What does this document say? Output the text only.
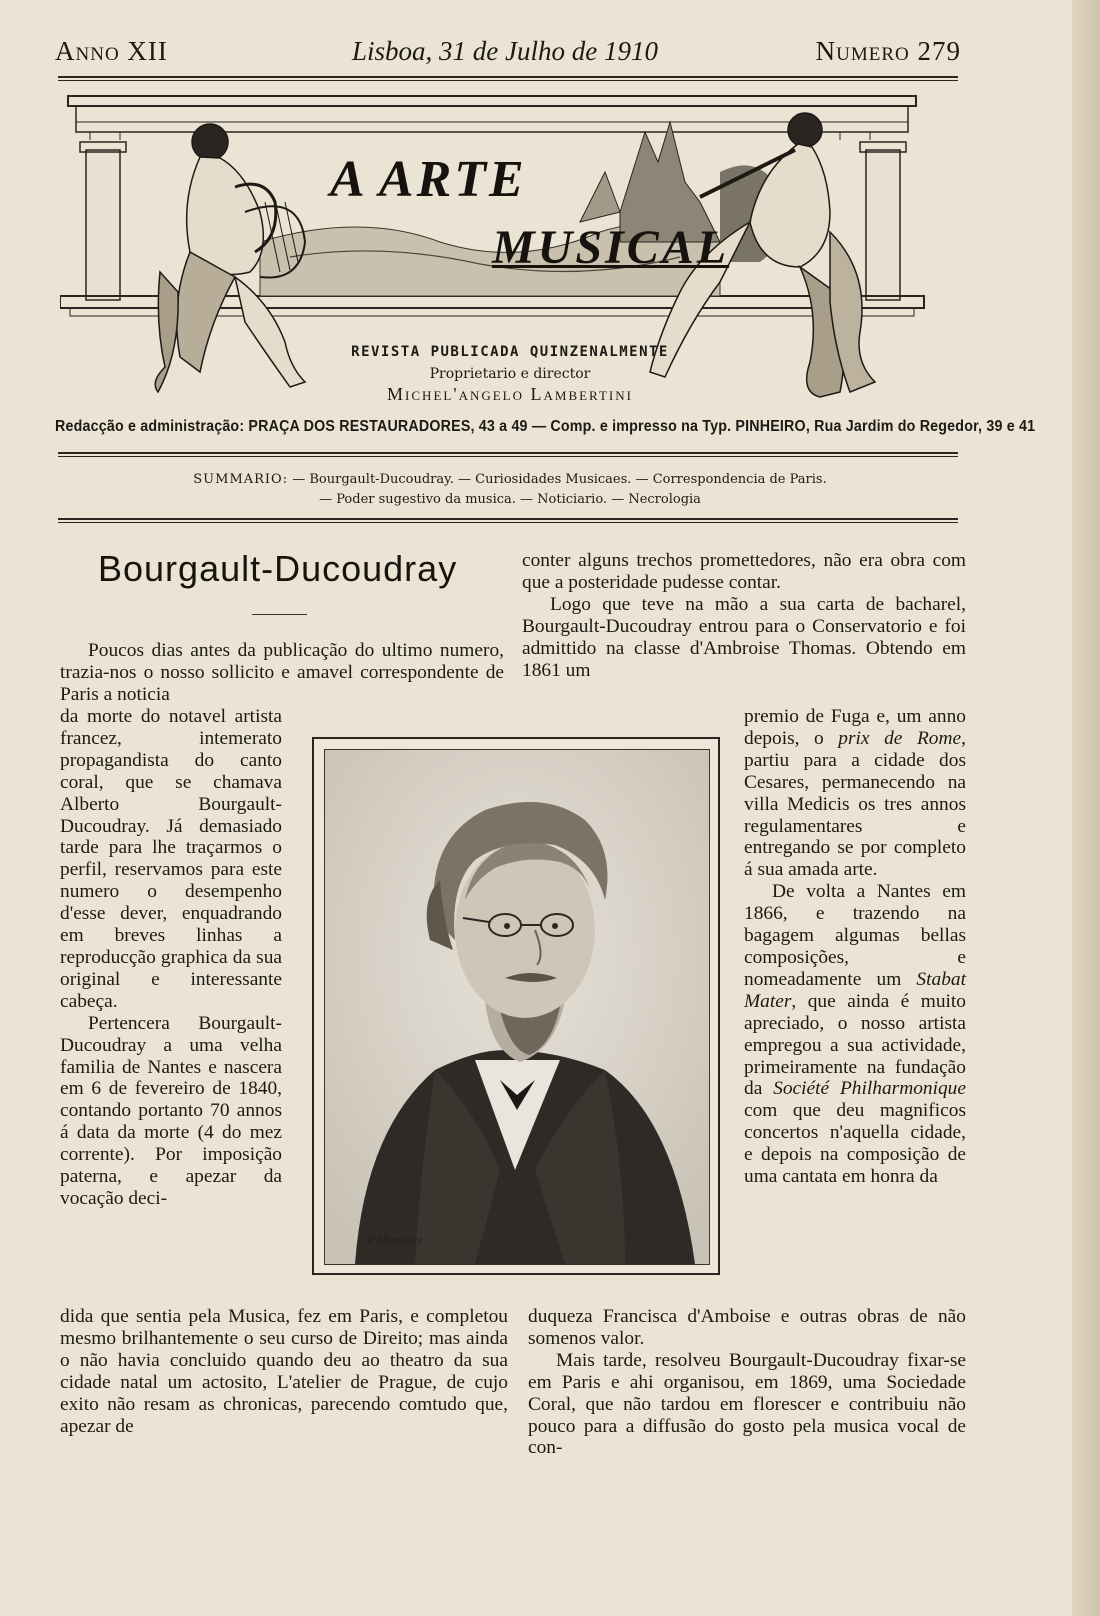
Anno XII	Lisboa, 31 de Julho de 1910	Numero 279
A ARTE
MUSICAL
REVISTA PUBLICADA QUINZENALMENTE
Proprietario e director
Michel'angelo Lambertini
Redacção e administração: PRAÇA DOS RESTAURADORES, 43 a 49 — Comp. e impresso na Typ. PINHEIRO, Rua Jardim do Regedor, 39 e 41
SUMMARIO: — Bourgault-Ducoudray. — Curiosidades Musicaes. — Correspondencia de Paris.
— Poder sugestivo da musica. — Noticiario. — Necrologia
Bourgault-Ducoudray

Poucos dias antes da publicação do ultimo numero, trazia-nos o nosso sollicito e amavel correspondente de Paris a noticia

da morte do notavel artista francez, intemerato propagandista do canto coral, que se chamava Alberto Bourgault-Ducoudray. Já demasiado tarde para lhe traçarmos o perfil, reservamos para este numero o desempenho d'esse dever, enquadrando em breves linhas a reproducção graphica da sua original e interessante cabeça.

Pertencera Bourgault-Ducoudray a uma velha familia de Nantes e nascera em 6 de fevereiro de 1840, contando portanto 70 annos á data da morte (4 do mez corrente). Por imposição paterna, e apezar da vocação deci-

dida que sentia pela Musica, fez em Paris, e completou mesmo brilhantemente o seu curso de Direito; mas ainda o não havia concluido quando deu ao theatro da sua cidade natal um actosito, L'atelier de Prague, de cujo exito não resam as chronicas, parecendo comtudo que, apezar de

conter alguns trechos promettedores, não era obra com que a posteridade pudesse contar.

Logo que teve na mão a sua carta de bacharel, Bourgault-Ducoudray entrou para o Conservatorio e foi admittido na classe d'Ambroise Thomas. Obtendo em 1861 um

premio de Fuga e, um anno depois, o prix de Rome, partiu para a cidade dos Cesares, permanecendo na villa Medicis os tres annos regulamentares e entregando se por completo á sua amada arte.

De volta a Nantes em 1866, e trazendo na bagagem algumas bellas composições, e nomeadamente um Stabat Mater, que ainda é muito apreciado, o nosso artista empregou a sua actividade, primeiramente na fundação da Société Philharmonique com que deu magnificos concertos n'aquella cidade, e depois na composição de uma cantata em honra da

duqueza Francisca d'Amboise e outras obras de não somenos valor.

Mais tarde, resolveu Bourgault-Ducoudray fixar-se em Paris e ahi organisou, em 1869, uma Sociedade Coral, que não tardou em florescer e contribuiu não pouco para a diffusão do gosto pela musica vocal de con-

P.Marques
